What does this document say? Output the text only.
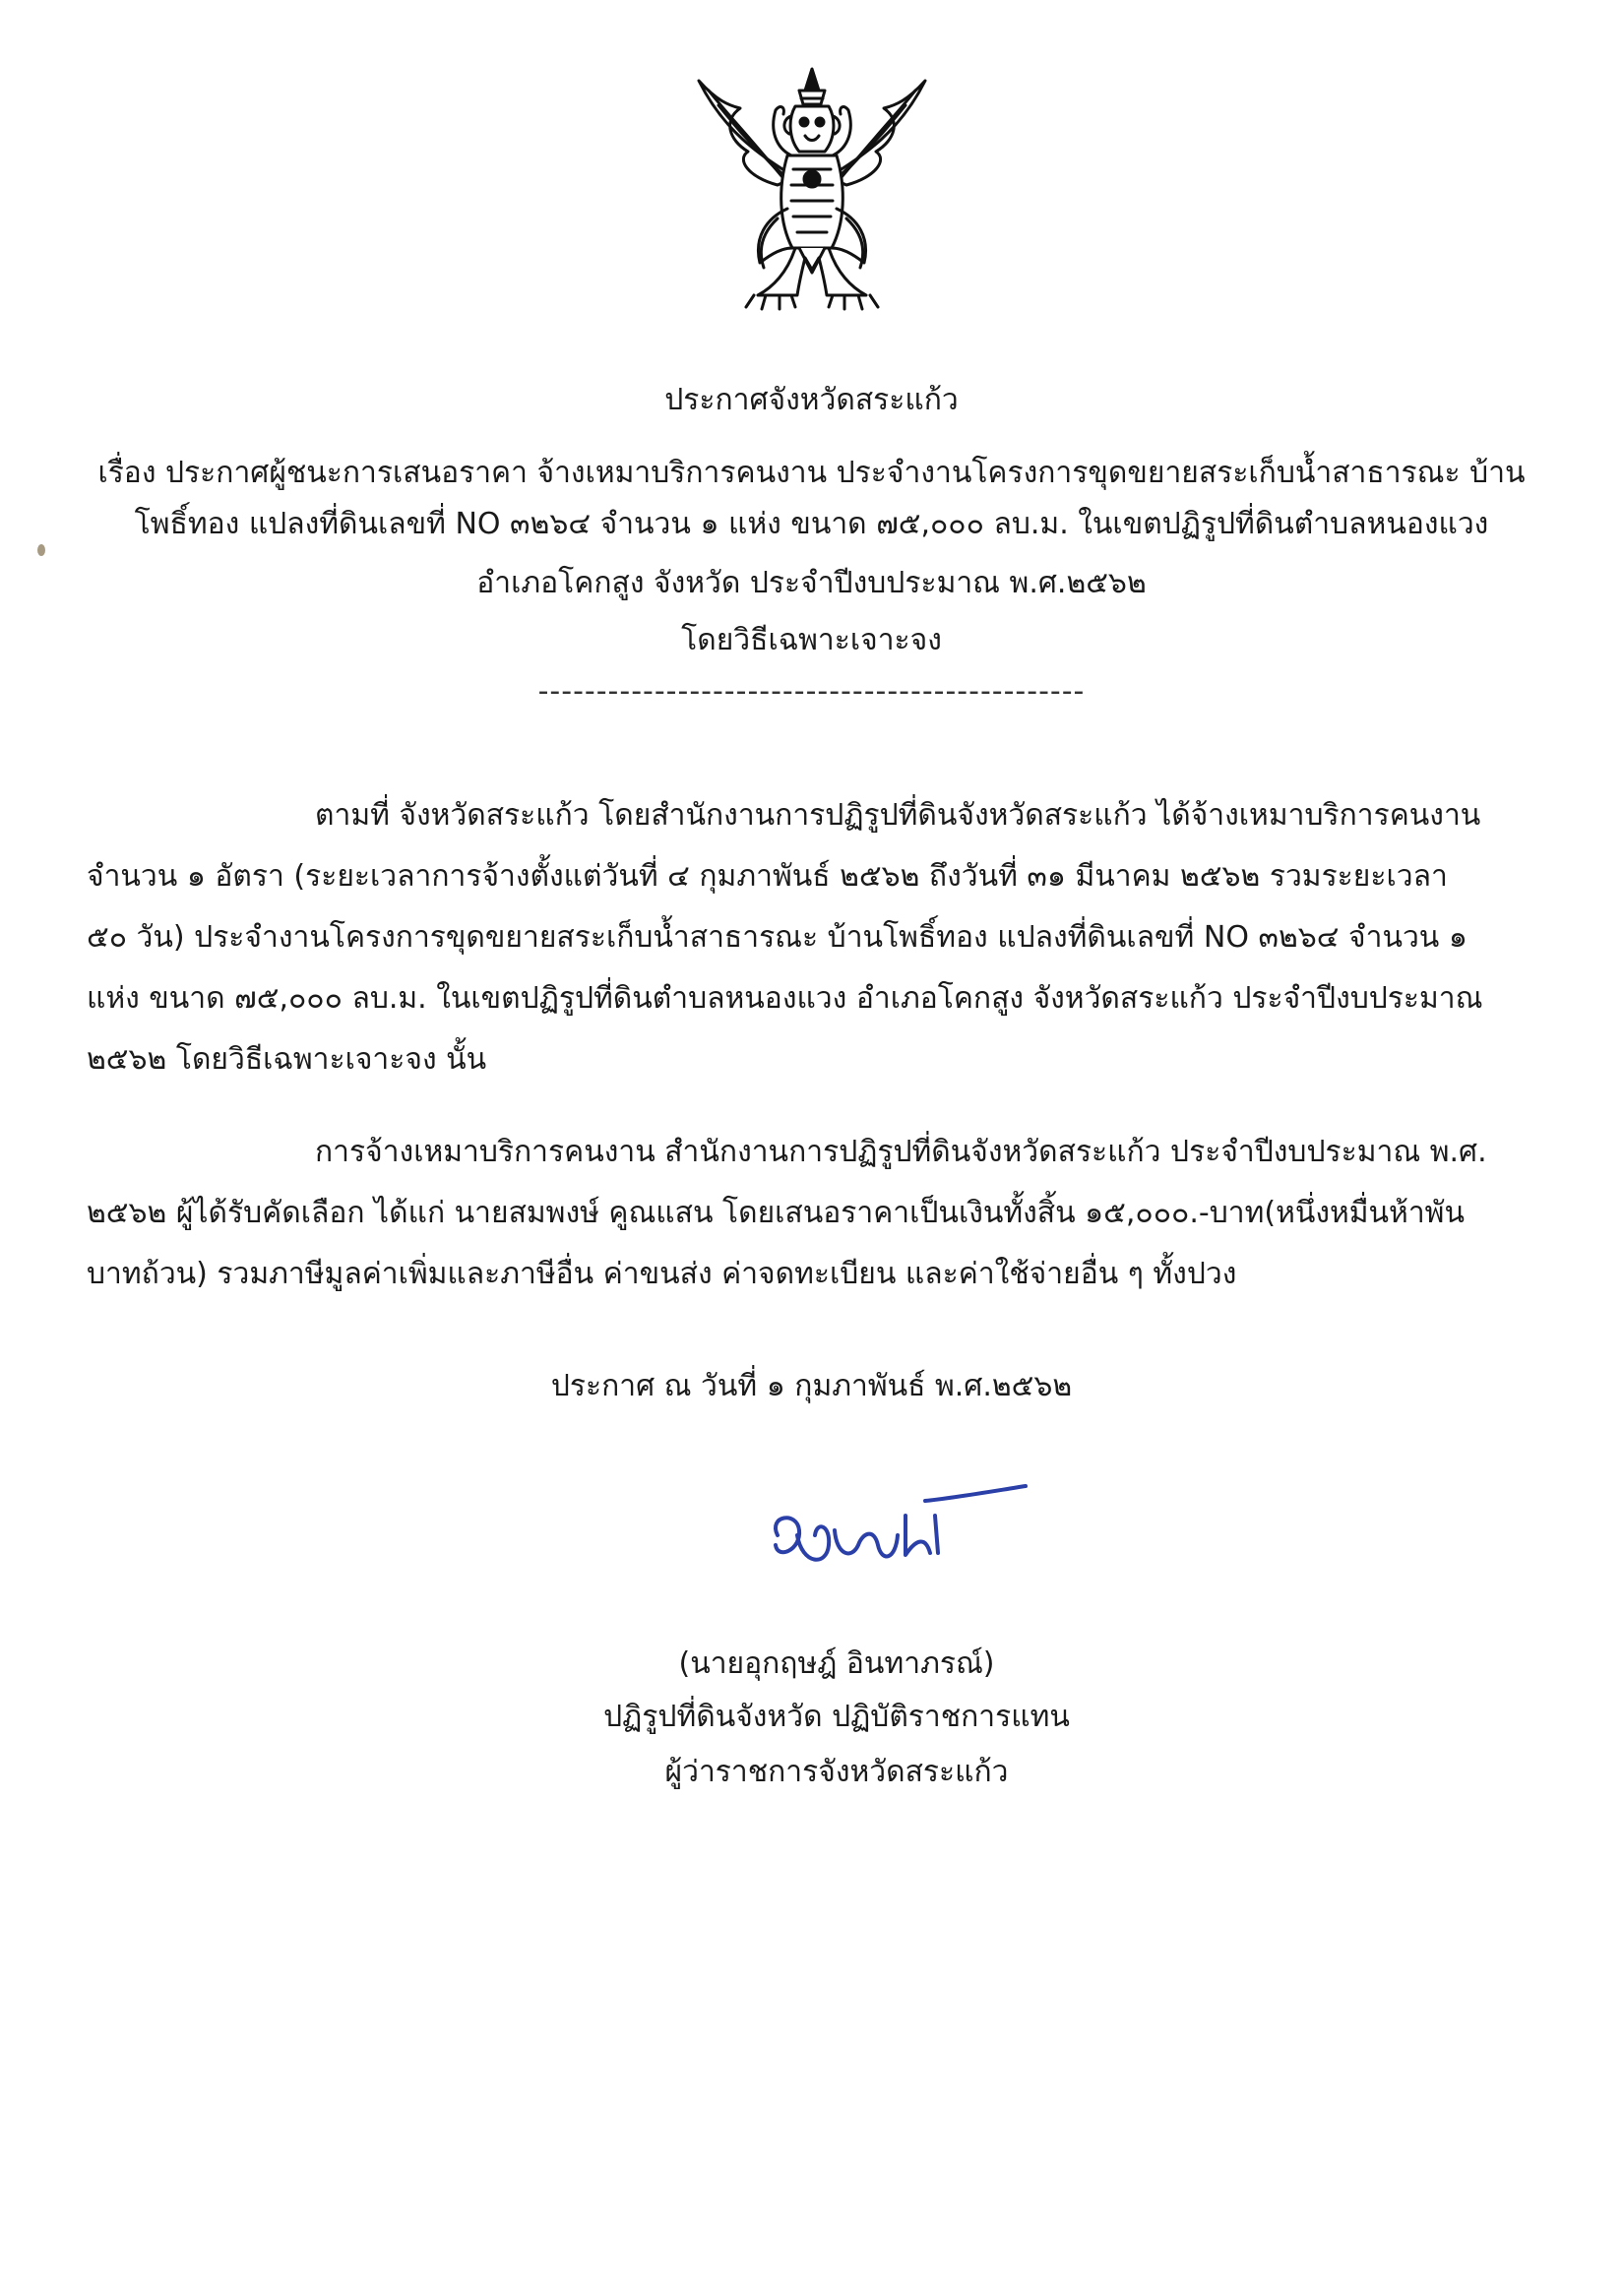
ประกาศจังหวัดสระแก้ว
เรื่อง ประกาศผู้ชนะการเสนอราคา จ้างเหมาบริการคนงาน ประจำงานโครงการขุดขยายสระเก็บน้ำสาธารณะ บ้าน
โพธิ์ทอง แปลงที่ดินเลขที่ NO ๓๒๖๔ จำนวน ๑ แห่ง ขนาด ๗๕,๐๐๐ ลบ.ม. ในเขตปฏิรูปที่ดินตำบลหนองแวง
อำเภอโคกสูง จังหวัด ประจำปีงบประมาณ พ.ศ.๒๕๖๒
โดยวิธีเฉพาะเจาะจง
-----------------------------------------------
ตามที่ จังหวัดสระแก้ว โดยสำนักงานการปฏิรูปที่ดินจังหวัดสระแก้ว ได้จ้างเหมาบริการคนงาน
จำนวน ๑ อัตรา (ระยะเวลาการจ้างตั้งแต่วันที่ ๔ กุมภาพันธ์ ๒๕๖๒ ถึงวันที่ ๓๑ มีนาคม ๒๕๖๒ รวมระยะเวลา
๕๐ วัน) ประจำงานโครงการขุดขยายสระเก็บน้ำสาธารณะ บ้านโพธิ์ทอง แปลงที่ดินเลขที่ NO ๓๒๖๔ จำนวน ๑
แห่ง ขนาด ๗๕,๐๐๐ ลบ.ม. ในเขตปฏิรูปที่ดินตำบลหนองแวง อำเภอโคกสูง จังหวัดสระแก้ว ประจำปีงบประมาณ
๒๕๖๒ โดยวิธีเฉพาะเจาะจง นั้น
การจ้างเหมาบริการคนงาน สำนักงานการปฏิรูปที่ดินจังหวัดสระแก้ว ประจำปีงบประมาณ พ.ศ.
๒๕๖๒ ผู้ได้รับคัดเลือก ได้แก่ นายสมพงษ์ คูณแสน โดยเสนอราคาเป็นเงินทั้งสิ้น ๑๕,๐๐๐.-บาท(หนึ่งหมื่นห้าพัน
บาทถ้วน) รวมภาษีมูลค่าเพิ่มและภาษีอื่น ค่าขนส่ง ค่าจดทะเบียน และค่าใช้จ่ายอื่น ๆ ทั้งปวง
ประกาศ ณ วันที่ ๑ กุมภาพันธ์ พ.ศ.๒๕๖๒
(นายอุกฤษฎ์ อินทาภรณ์)
ปฏิรูปที่ดินจังหวัด ปฏิบัติราชการแทน
ผู้ว่าราชการจังหวัดสระแก้ว
